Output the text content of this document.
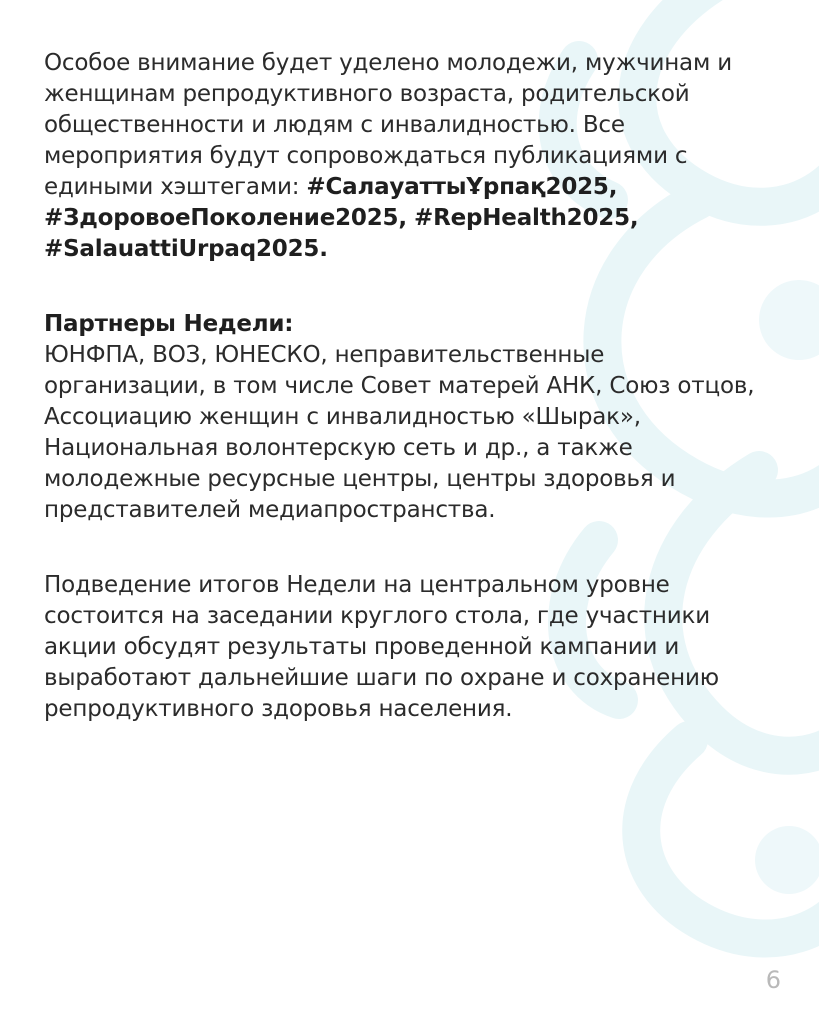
Особое внимание будет уделено молодежи, мужчинам и женщинам репродуктивного возраста, родительской общественности и людям с инвалидностью. Все мероприятия будут сопровождаться публикациями с едиными хэштегами: #СалауаттыҰрпақ2025, #ЗдоровоеПоколение2025, #RepHealth2025, #SalauattiUrpaq2025.

Партнеры Недели:

ЮНФПА, ВОЗ, ЮНЕСКО, неправительственные организации, в том числе Совет матерей АНК, Союз отцов, Ассоциацию женщин с инвалидностью «Шырак», Национальная волонтерскую сеть и др., а также молодежные ресурсные центры, центры здоровья и представителей медиапространства.

Подведение итогов Недели на центральном уровне состоится на заседании круглого стола, где участники акции обсудят результаты проведенной кампании и выработают дальнейшие шаги по охране и сохранению репродуктивного здоровья населения.

6
